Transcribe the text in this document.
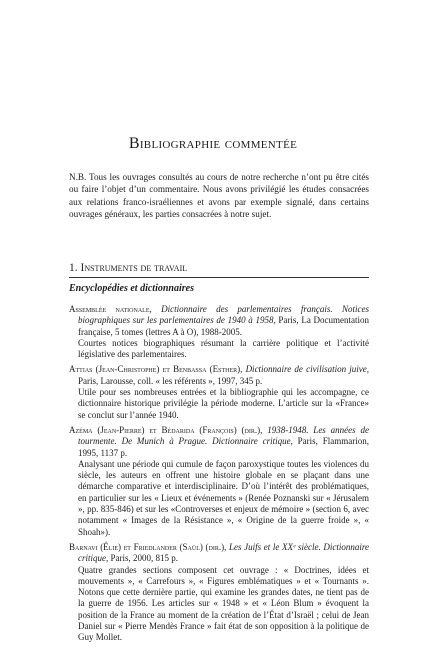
Bibliographie commentée
N.B. Tous les ouvrages consultés au cours de notre recherche n’ont pu être cités ou faire l’objet d’un commentaire. Nous avons privilégié les études consacrées aux relations franco-israéliennes et avons par exemple signalé, dans certains ouvrages généraux, les parties consacrées à notre sujet.
1. Instruments de travail
Encyclopédies et dictionnaires

Assemblée nationale, Dictionnaire des parlementaires français. Notices biographiques sur les parlementaires de 1940 à 1958, Paris, La Documentation française, 5 tomes (lettres A à O), 1988-2005.

Courtes notices biographiques résumant la carrière politique et l’activité législative des parlementaires.

Attias (Jean-Christophe) et Benbassa (Esther), Dictionnaire de civilisation juive, Paris, Larousse, coll. « les référents », 1997, 345 p.

Utile pour ses nombreuses entrées et la bibliographie qui les accompagne, ce dictionnaire historique privilégie la période moderne. L’article sur la «France» se conclut sur l’année 1940.

Azéma (Jean-Pierre) et Bédarida (François) (dir.), 1938-1948. Les années de tourmente. De Munich à Prague. Dictionnaire critique, Paris, Flammarion, 1995, 1137 p.

Analysant une période qui cumule de façon paroxystique toutes les violences du siècle, les auteurs en offrent une histoire globale en se plaçant dans une démarche comparative et interdisciplinaire. D’où l’intérêt des problématiques, en particulier sur les « Lieux et événements » (Renée Poznanski sur « Jérusalem », pp. 835-846) et sur les «Controverses et enjeux de mémoire » (section 6, avec notamment « Images de la Résistance », « Origine de la guerre froide », « Shoah»).

Barnavi (Élie) et Friedlander (Saül) (dir.), Les Juifs et le XXᵉ siècle. Dictionnaire critique, Paris, 2000, 815 p.

Quatre grandes sections composent cet ouvrage : « Doctrines, idées et mouvements », « Carrefours », « Figures emblématiques » et « Tournants ». Notons que cette dernière partie, qui examine les grandes dates, ne tient pas de la guerre de 1956. Les articles sur « 1948 » et « Léon Blum » évoquent la position de la France au moment de la création de l’État d’Israël ; celui de Jean Daniel sur « Pierre Mendès France » fait état de son opposition à la politique de Guy Mollet.
